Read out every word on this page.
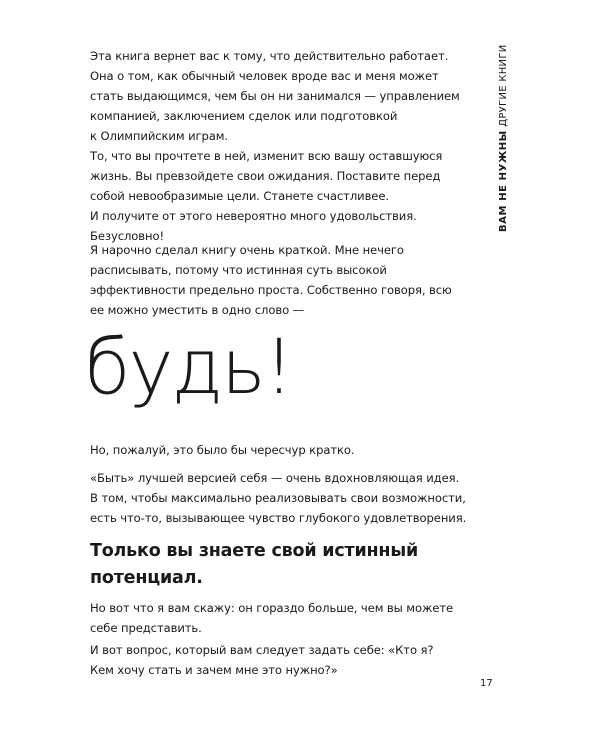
ВАМ НЕ НУЖНЫ ДРУГИЕ КНИГИ

Эта книга вернет вас к тому, что действительно работает.
Она о том, как обычный человек вроде вас и меня может
стать выдающимся, чем бы он ни занимался — управлением
компанией, заключением сделок или подготовкой
к Олимпийским играм.

То, что вы прочтете в ней, изменит всю вашу оставшуюся
жизнь. Вы превзойдете свои ожидания. Поставите перед
собой невообразимые цели. Станете счастливее.
И получите от этого невероятно много удовольствия.
Безусловно!

Я нарочно сделал книгу очень краткой. Мне нечего
расписывать, потому что истинная суть высокой
эффективности предельно проста. Собственно говоря, всю
ее можно уместить в одно слово —

будь!

Но, пожалуй, это было бы чересчур кратко.

«Быть» лучшей версией себя — очень вдохновляющая идея.
В том, чтобы максимально реализовывать свои возможности,
есть что-то, вызывающее чувство глубокого удовлетворения.

Только вы знаете свой истинный
потенциал.

Но вот что я вам скажу: он гораздо больше, чем вы можете
себе представить.

И вот вопрос, который вам следует задать себе: «Кто я?
Кем хочу стать и зачем мне это нужно?»

17
